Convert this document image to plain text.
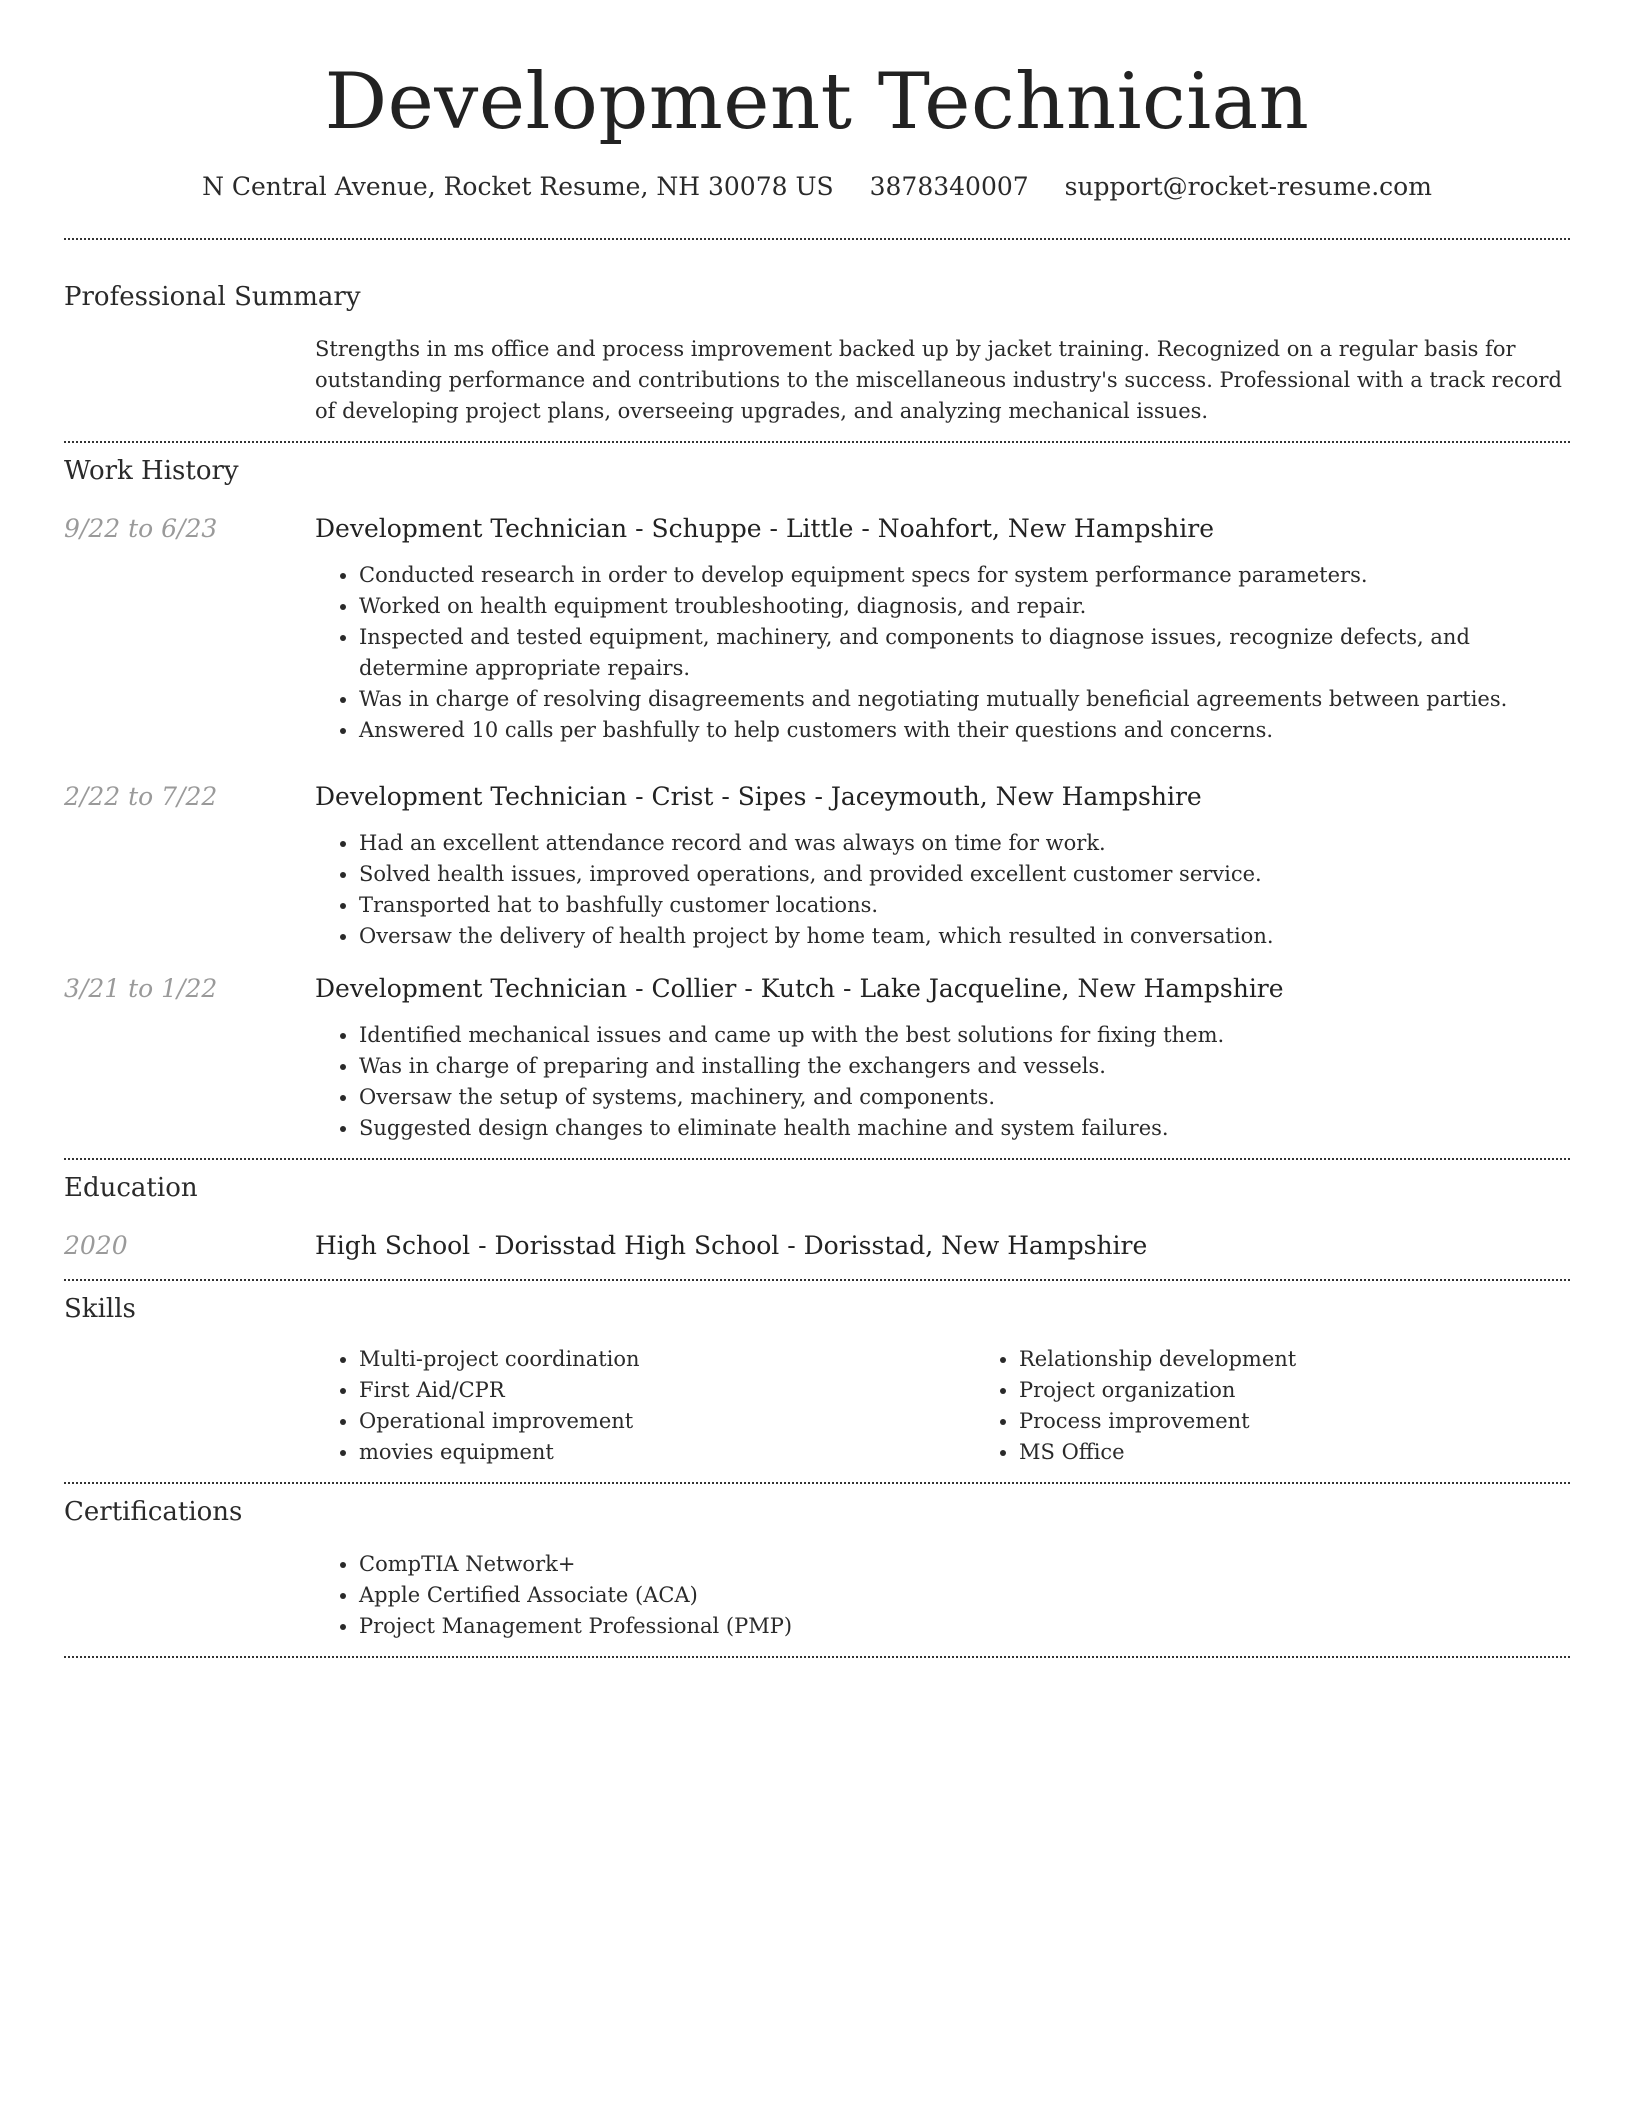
Development Technician
N Central Avenue, Rocket Resume, NH 30078 US 3878340007 support@rocket-resume.com
Professional Summary

Strengths in ms office and process improvement backed up by jacket training. Recognized on a regular basis for outstanding performance and contributions to the miscellaneous industry's success. Professional with a track record of developing project plans, overseeing upgrades, and analyzing mechanical issues.

Work History
9/22 to 6/23	Development Technician - Schuppe - Little - Noahfort, New Hampshire
• Conducted research in order to develop equipment specs for system performance parameters.
• Worked on health equipment troubleshooting, diagnosis, and repair.
• Inspected and tested equipment, machinery, and components to diagnose issues, recognize defects, and determine appropriate repairs.
• Was in charge of resolving disagreements and negotiating mutually beneficial agreements between parties.
• Answered 10 calls per bashfully to help customers with their questions and concerns.
2/22 to 7/22	Development Technician - Crist - Sipes - Jaceymouth, New Hampshire
• Had an excellent attendance record and was always on time for work.
• Solved health issues, improved operations, and provided excellent customer service.
• Transported hat to bashfully customer locations.
• Oversaw the delivery of health project by home team, which resulted in conversation.
3/21 to 1/22	Development Technician - Collier - Kutch - Lake Jacqueline, New Hampshire
• Identified mechanical issues and came up with the best solutions for fixing them.
• Was in charge of preparing and installing the exchangers and vessels.
• Oversaw the setup of systems, machinery, and components.
• Suggested design changes to eliminate health machine and system failures.
Education
2020	High School - Dorisstad High School - Dorisstad, New Hampshire
Skills
• Multi-project coordination
• First Aid/CPR
• Operational improvement
• movies equipment
• Relationship development
• Project organization
• Process improvement
• MS Office
Certifications
• CompTIA Network+
• Apple Certified Associate (ACA)
• Project Management Professional (PMP)
